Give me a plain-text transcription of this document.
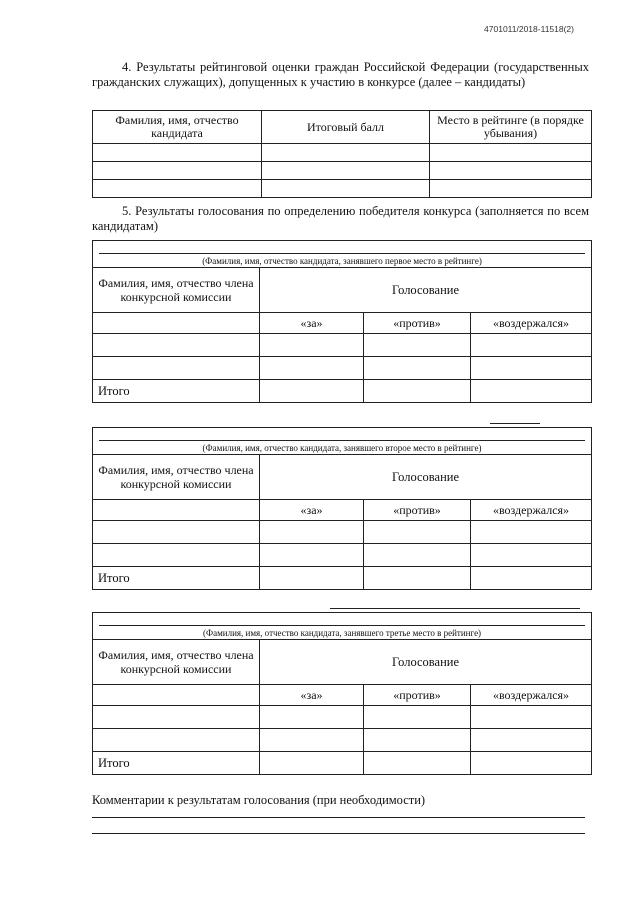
4701011/2018-11518(2)

4. Результаты рейтинговой оценки граждан Российской Федерации (государственных гражданских служащих), допущенных к участию в конкурсе (далее – кандидаты)

Фамилия, имя, отчество кандидата	Итоговый балл	Место в рейтинге (в порядке убывания)

5. Результаты голосования по определению победителя конкурса (заполняется по всем кандидатам)

(Фамилия, имя, отчество кандидата, занявшего первое место в рейтинге)			

Фамилия, имя, отчество члена конкурсной комиссии	Голосование		
	«за»	«против»	«воздержался»

Итого			
(Фамилия, имя, отчество кандидата, занявшего второе место в рейтинге)			

Фамилия, имя, отчество члена конкурсной комиссии	Голосование		
	«за»	«против»	«воздержался»

Итого			
(Фамилия, имя, отчество кандидата, занявшего третье место в рейтинге)			

Фамилия, имя, отчество члена конкурсной комиссии	Голосование		
	«за»	«против»	«воздержался»

Итого			

Комментарии к результатам голосования (при необходимости)
